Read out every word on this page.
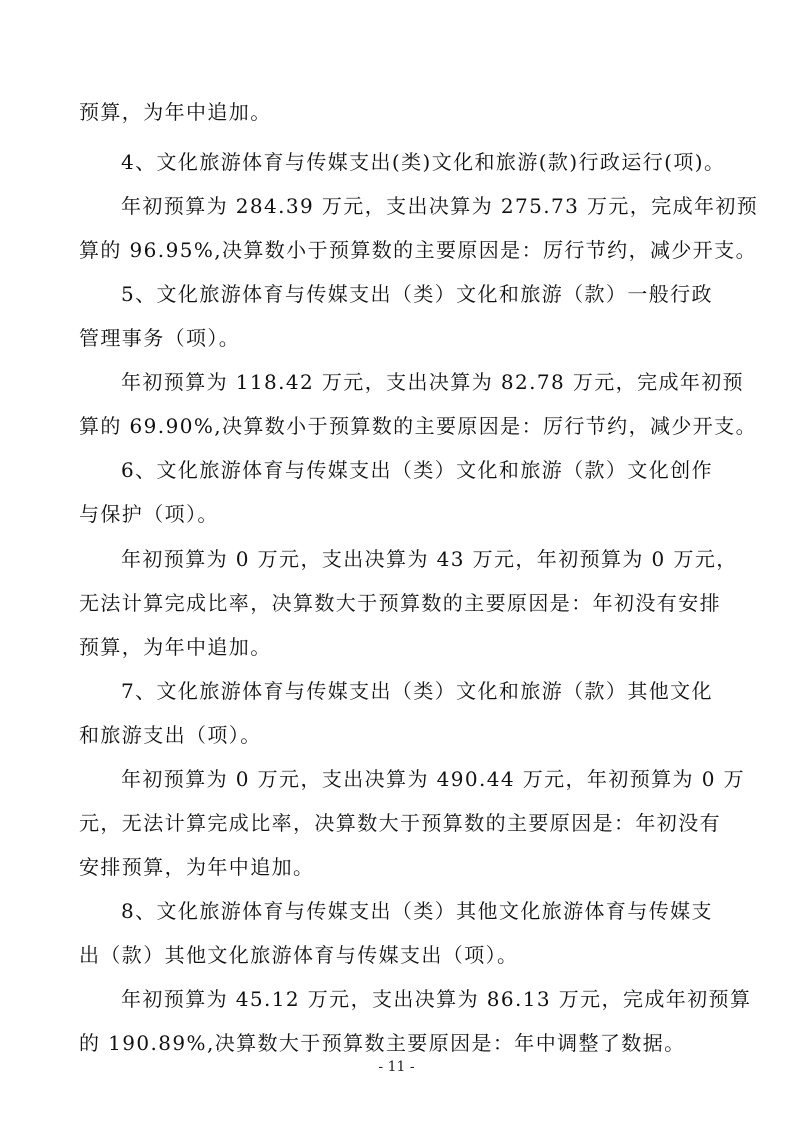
预算，为年中追加。
4、文化旅游体育与传媒支出(类)文化和旅游(款)行政运行(项)。
年初预算为 284.39 万元，支出决算为 275.73 万元，完成年初预
算的 96.95%,决算数小于预算数的主要原因是：厉行节约，减少开支。
5、文化旅游体育与传媒支出（类）文化和旅游（款）一般行政
管理事务（项）。
年初预算为 118.42 万元，支出决算为 82.78 万元，完成年初预
算的 69.90%,决算数小于预算数的主要原因是：厉行节约，减少开支。
6、文化旅游体育与传媒支出（类）文化和旅游（款）文化创作
与保护（项）。
年初预算为 0 万元，支出决算为 43 万元，年初预算为 0 万元，
无法计算完成比率，决算数大于预算数的主要原因是：年初没有安排
预算，为年中追加。
7、文化旅游体育与传媒支出（类）文化和旅游（款）其他文化
和旅游支出（项）。
年初预算为 0 万元，支出决算为 490.44 万元，年初预算为 0 万
元，无法计算完成比率，决算数大于预算数的主要原因是：年初没有
安排预算，为年中追加。
8、文化旅游体育与传媒支出（类）其他文化旅游体育与传媒支
出（款）其他文化旅游体育与传媒支出（项）。
年初预算为 45.12 万元，支出决算为 86.13 万元，完成年初预算
的 190.89%,决算数大于预算数主要原因是：年中调整了数据。
- 11 -
